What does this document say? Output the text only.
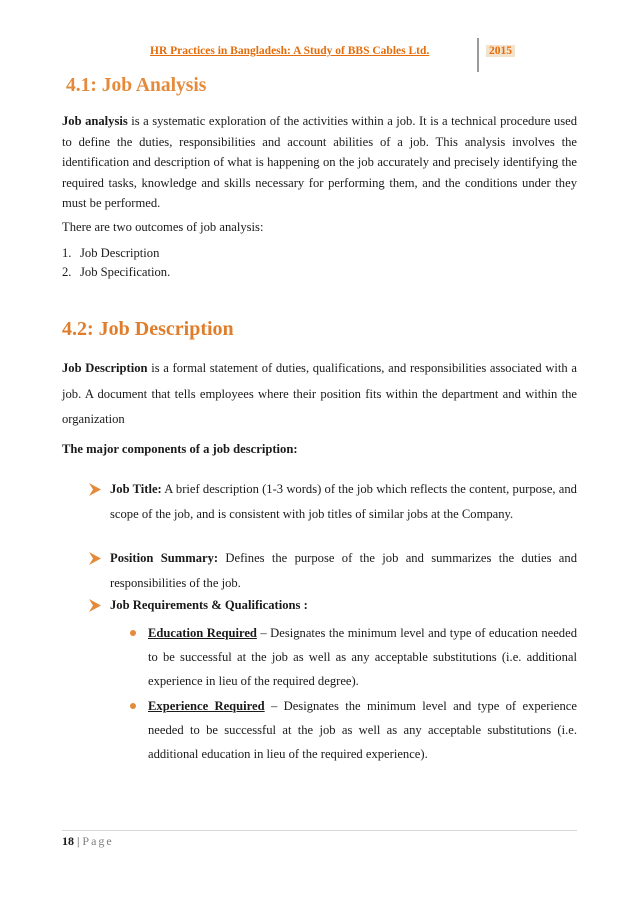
HR Practices in Bangladesh: A Study of BBS Cables Ltd.	2015
4.1: Job Analysis

Job analysis is a systematic exploration of the activities within a job. It is a technical procedure used to define the duties, responsibilities and account abilities of a job. This analysis involves the identification and description of what is happening on the job accurately and precisely identifying the required tasks, knowledge and skills necessary for performing them, and the conditions under they must be performed.

There are two outcomes of job analysis:

1. Job Description
2. Job Specification.
4.2: Job Description

Job Description is a formal statement of duties, qualifications, and responsibilities associated with a job. A document that tells employees where their position fits within the department and within the organization

The major components of a job description:

Job Title: A brief description (1-3 words) of the job which reflects the content, purpose, and scope of the job, and is consistent with job titles of similar jobs at the Company.
Position Summary: Defines the purpose of the job and summarizes the duties and responsibilities of the job.
Job Requirements & Qualifications :
Education Required – Designates the minimum level and type of education needed to be successful at the job as well as any acceptable substitutions (i.e. additional experience in lieu of the required degree).
Experience Required – Designates the minimum level and type of experience needed to be successful at the job as well as any acceptable substitutions (i.e. additional education in lieu of the required experience).
18 | Page
